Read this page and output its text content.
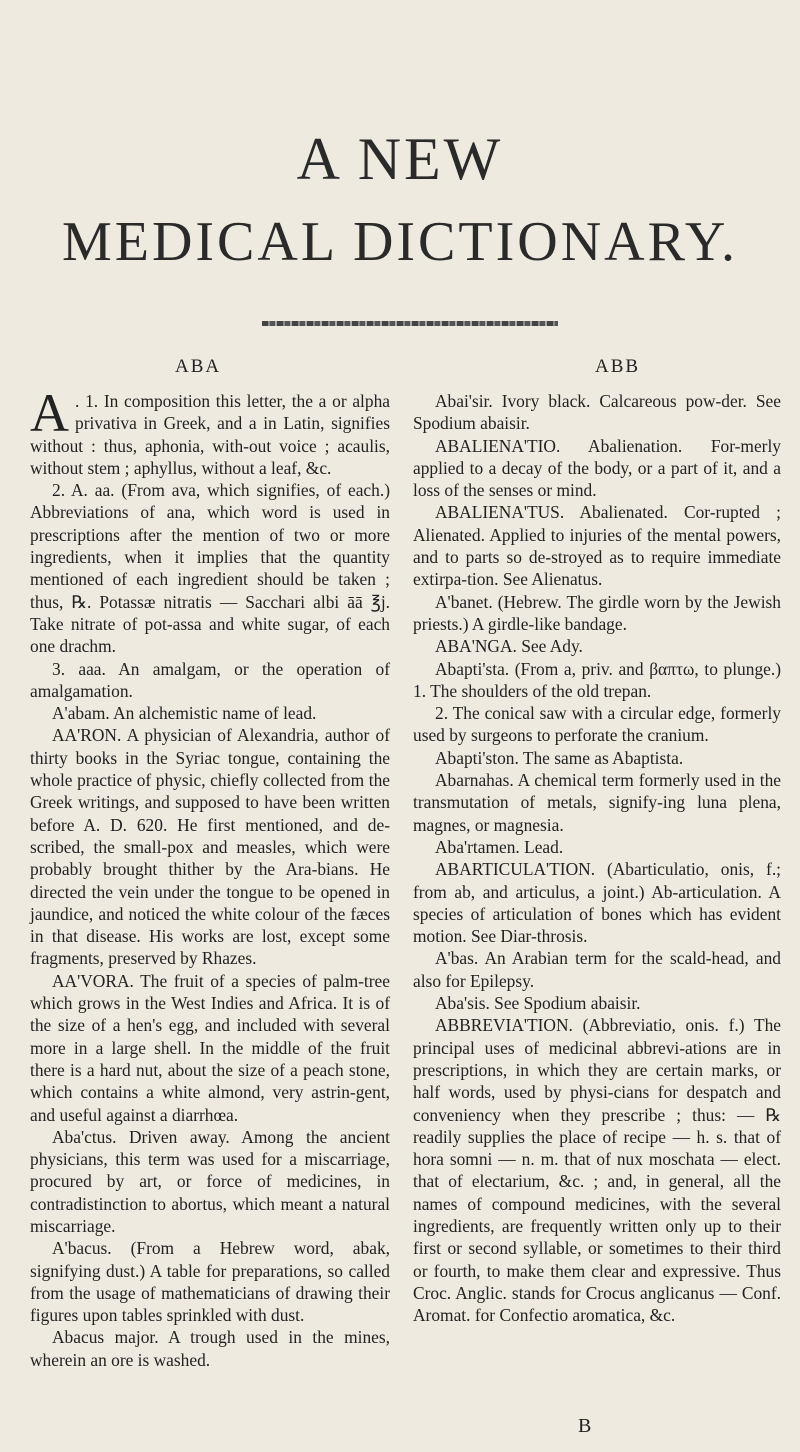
A NEW
MEDICAL DICTIONARY.
ABA	ABB

A . 1. In composition this letter, the a or alpha privativa in Greek, and a in Latin, signifies without : thus, aphonia, with-out voice ; acaulis, without stem ; aphyllus, without a leaf, &c.

2. A. aa. (From ava, which signifies, of each.) Abbreviations of ana, which word is used in prescriptions after the mention of two or more ingredients, when it implies that the quantity mentioned of each ingredient should be taken ; thus, ℞. Potassæ nitratis — Sacchari albi āā ℥j. Take nitrate of pot-assa and white sugar, of each one drachm.

3. aaa. An amalgam, or the operation of amalgamation.

A'abam. An alchemistic name of lead.

AA'RON. A physician of Alexandria, author of thirty books in the Syriac tongue, containing the whole practice of physic, chiefly collected from the Greek writings, and supposed to have been written before A. D. 620. He first mentioned, and de-scribed, the small-pox and measles, which were probably brought thither by the Ara-bians. He directed the vein under the tongue to be opened in jaundice, and noticed the white colour of the fæces in that disease. His works are lost, except some fragments, preserved by Rhazes.

AA'VORA. The fruit of a species of palm-tree which grows in the West Indies and Africa. It is of the size of a hen's egg, and included with several more in a large shell. In the middle of the fruit there is a hard nut, about the size of a peach stone, which contains a white almond, very astrin-gent, and useful against a diarrhœa.

Aba'ctus. Driven away. Among the ancient physicians, this term was used for a miscarriage, procured by art, or force of medicines, in contradistinction to abortus, which meant a natural miscarriage.

A'bacus. (From a Hebrew word, abak, signifying dust.) A table for preparations, so called from the usage of mathematicians of drawing their figures upon tables sprinkled with dust.

Abacus major. A trough used in the mines, wherein an ore is washed.

Abai'sir. Ivory black. Calcareous pow-der. See Spodium abaisir.

ABALIENA'TIO. Abalienation. For-merly applied to a decay of the body, or a part of it, and a loss of the senses or mind.

ABALIENA'TUS. Abalienated. Cor-rupted ; Alienated. Applied to injuries of the mental powers, and to parts so de-stroyed as to require immediate extirpa-tion. See Alienatus.

A'banet. (Hebrew. The girdle worn by the Jewish priests.) A girdle-like bandage.

ABA'NGA. See Ady.

Abapti'sta. (From a, priv. and βαπτω, to plunge.) 1. The shoulders of the old trepan.

2. The conical saw with a circular edge, formerly used by surgeons to perforate the cranium.

Abapti'ston. The same as Abaptista.

Abarnahas. A chemical term formerly used in the transmutation of metals, signify-ing luna plena, magnes, or magnesia.

Aba'rtamen. Lead.

ABARTICULA'TION. (Abarticulatio, onis, f.; from ab, and articulus, a joint.) Ab-articulation. A species of articulation of bones which has evident motion. See Diar-throsis.

A'bas. An Arabian term for the scald-head, and also for Epilepsy.

Aba'sis. See Spodium abaisir.

ABBREVIA'TION. (Abbreviatio, onis. f.) The principal uses of medicinal abbrevi-ations are in prescriptions, in which they are certain marks, or half words, used by physi-cians for despatch and conveniency when they prescribe ; thus: — ℞ readily supplies the place of recipe — h. s. that of hora somni — n. m. that of nux moschata — elect. that of electarium, &c. ; and, in general, all the names of compound medicines, with the several ingredients, are frequently written only up to their first or second syllable, or sometimes to their third or fourth, to make them clear and expressive. Thus Croc. Anglic. stands for Crocus anglicanus — Conf. Aromat. for Confectio aromatica, &c.

B
